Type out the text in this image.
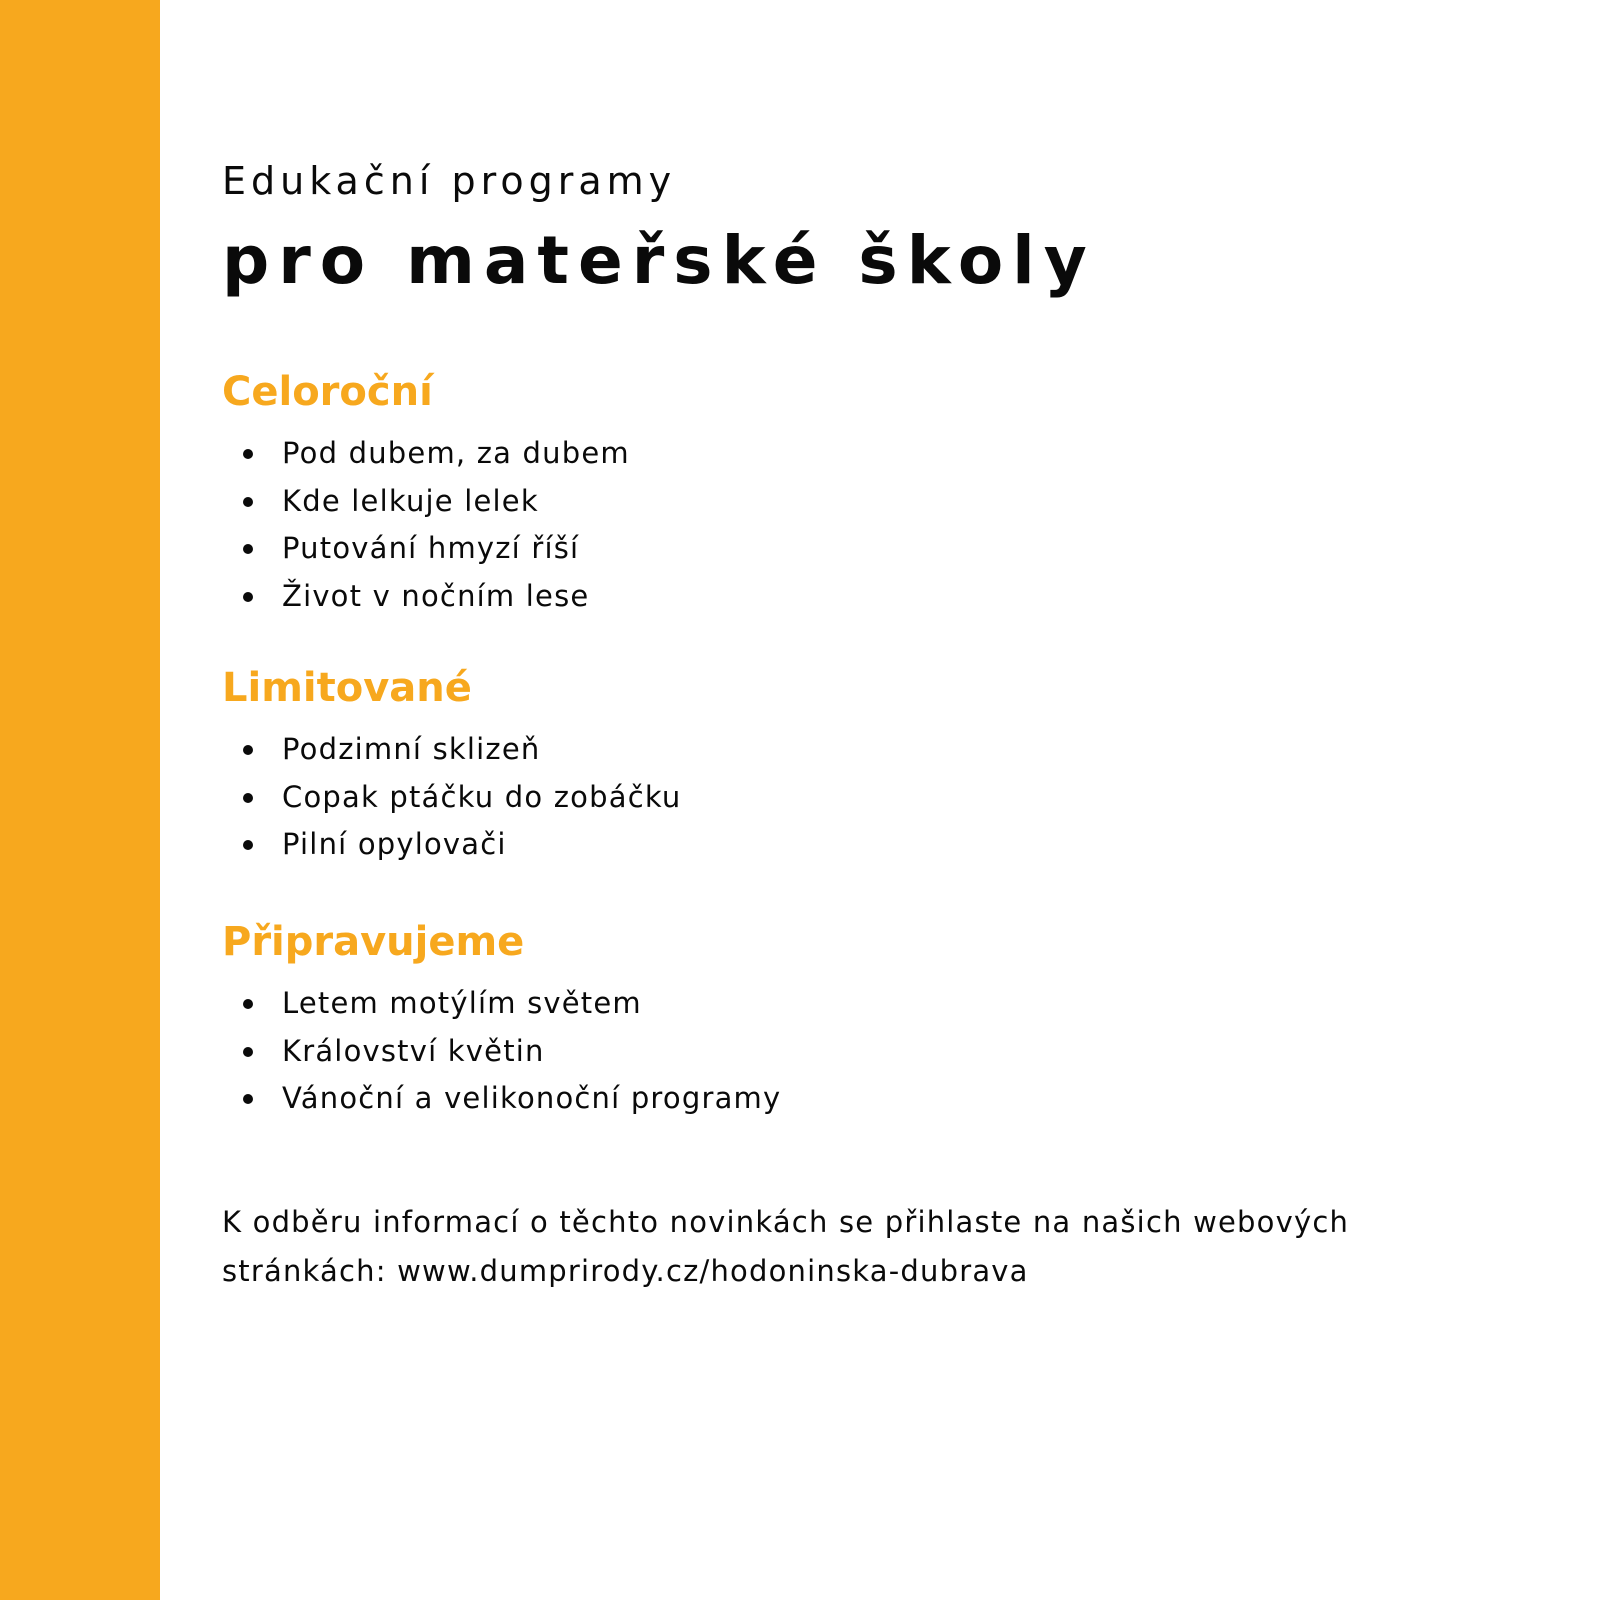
Edukační programy
pro mateřské školy
Celoroční
Pod dubem, za dubem
Kde lelkuje lelek
Putování hmyzí říší
Život v nočním lese
Limitované
Podzimní sklizeň
Copak ptáčku do zobáčku
Pilní opylovači
Připravujeme
Letem motýlím světem
Království květin
Vánoční a velikonoční programy
K odběru informací o těchto novinkách se přihlaste na našich webových stránkách: www.dumprirody.cz/hodoninska-dubrava
